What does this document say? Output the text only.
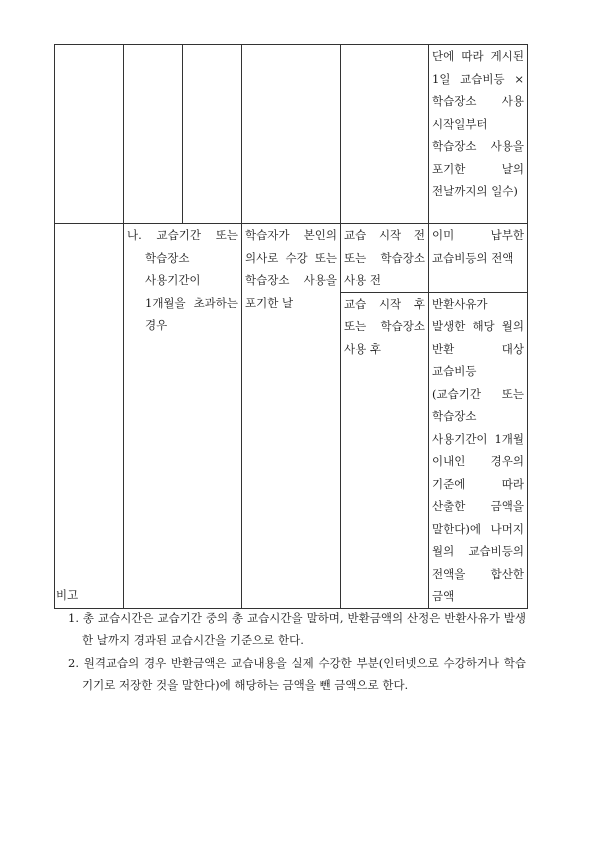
					단에 따라 게시된 1일 교습비등 × 학습장소 사용 시작일부터 학습장소 사용을 포기한 날의 전날까지의 일수)

	나. 교습기간 또는 학습장소 사용기간이 1개월을 초과하는 경우		학습자가 본인의 의사로 수강 또는 학습장소 사용을 포기한 날	교습 시작 전 또는 학습장소 사용 전	이미 납부한 교습비등의 전액
				교습 시작 후 또는 학습장소 사용 후	반환사유가 발생한 해당 월의 반환 대상 교습비등(교습기간 또는 학습장소 사용기간이 1개월 이내인 경우의 기준에 따라 산출한 금액을 말한다)에 나머지 월의 교습비등의 전액을 합산한 금액
비고
1. 총 교습시간은 교습기간 중의 총 교습시간을 말하며, 반환금액의 산정은 반환사유가 발생한 날까지 경과된 교습시간을 기준으로 한다.
2. 원격교습의 경우 반환금액은 교습내용을 실제 수강한 부분(인터넷으로 수강하거나 학습기기로 저장한 것을 말한다)에 해당하는 금액을 뺀 금액으로 한다.
